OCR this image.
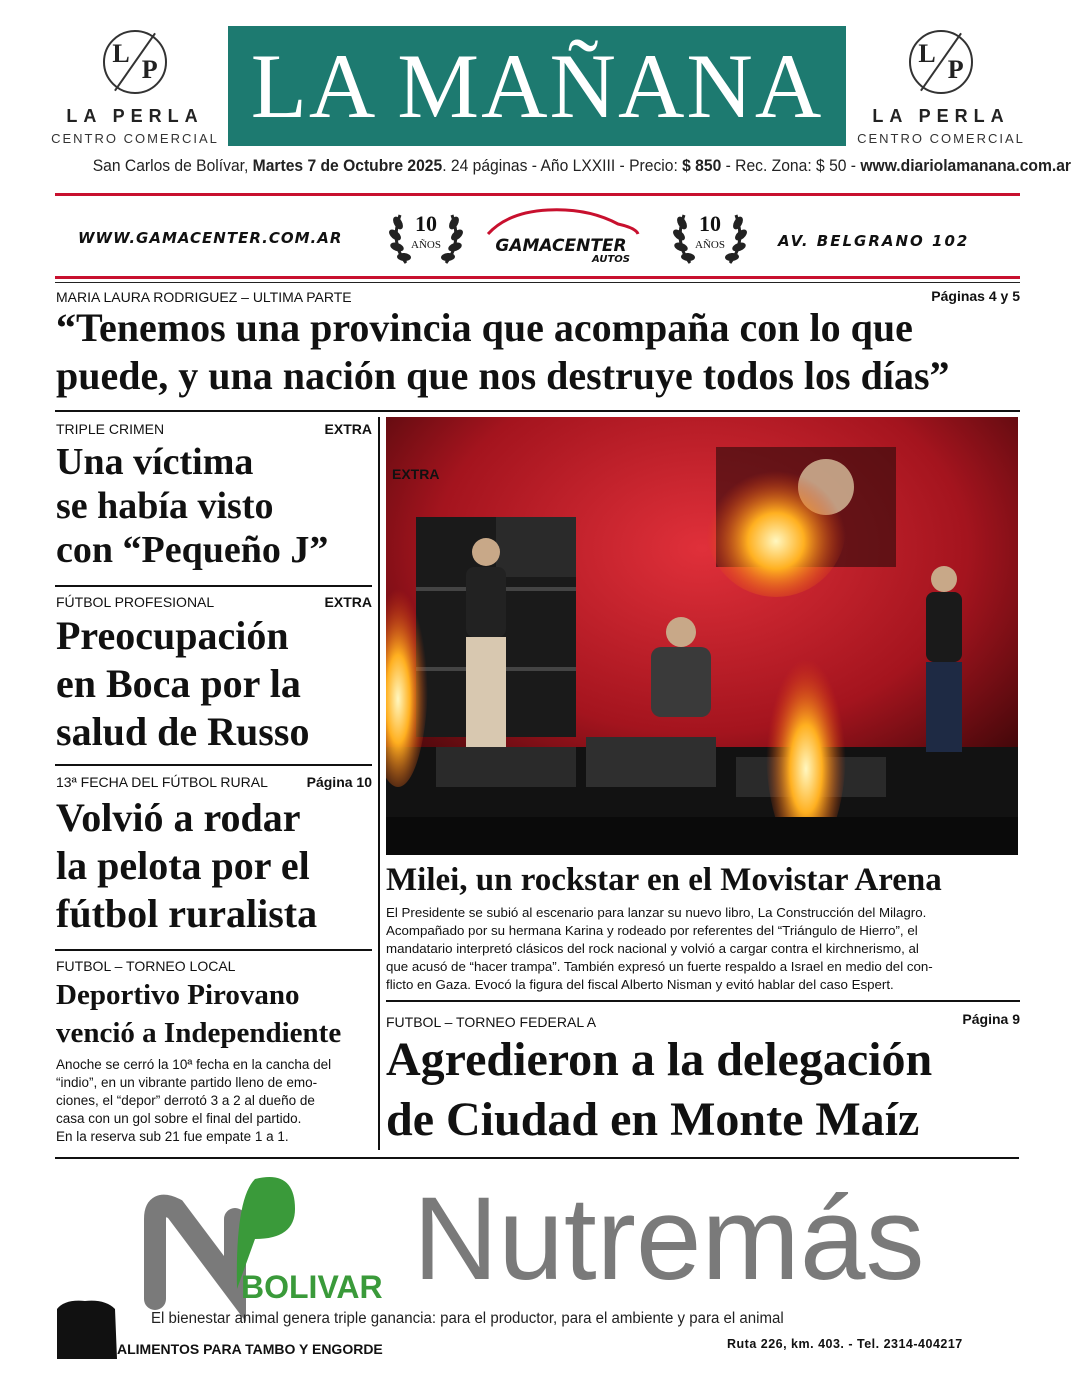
L
P
LA PERLA
CENTRO COMERCIAL
LA MAÑANA	L
P
LA PERLA
CENTRO COMERCIAL
San Carlos de Bolívar, Martes 7 de Octubre 2025. 24 páginas - Año LXXIII - Precio: $ 850 - Rec. Zona: $ 50 - www.diariolamanana.com.ar
WWW.GAMACENTER.COM.AR
10
AÑOS	GAMACENTER
AUTOS
10
AÑOS	AV. BELGRANO 102
MARIA LAURA RODRIGUEZ – ULTIMA PARTE	Páginas 4 y 5
“Tenemos una provincia que acompaña con lo que
puede, y una nación que nos destruye todos los días”
TRIPLE CRIMEN	EXTRA
Una víctima
se había visto
con “Pequeño J”
FÚTBOL PROFESIONAL	EXTRA
Preocupación
en Boca por la
salud de Russo
13ª FECHA DEL FÚTBOL RURAL	Página 10
Volvió a rodar
la pelota por el
fútbol ruralista
FUTBOL – TORNEO LOCAL
Deportivo Pirovano
venció a Independiente
Anoche se cerró la 10ª fecha en la cancha del
“indio”, en un vibrante partido lleno de emo-
ciones, el “depor” derrotó 3 a 2 al dueño de
casa con un gol sobre el final del partido.
En la reserva sub 21 fue empate 1 a 1.
EXTRA
Milei, un rockstar en el Movistar Arena
El Presidente se subió al escenario para lanzar su nuevo libro, La Construcción del Milagro.
Acompañado por su hermana Karina y rodeado por referentes del “Triángulo de Hierro”, el
mandatario interpretó clásicos del rock nacional y volvió a cargar contra el kirchnerismo, al
que acusó de “hacer trampa”. También expresó un fuerte respaldo a Israel en medio del con-
flicto en Gaza. Evocó la figura del fiscal Alberto Nisman y evitó hablar del caso Espert.
FUTBOL – TORNEO FEDERAL A	Página 9
Agredieron a la delegación
de Ciudad en Monte Maíz
BOLIVAR Nutremás
El bienestar animal genera triple ganancia: para el productor, para el ambiente y para el animal
ALIMENTOS PARA TAMBO Y ENGORDE	Ruta 226, km. 403. - Tel. 2314-404217
